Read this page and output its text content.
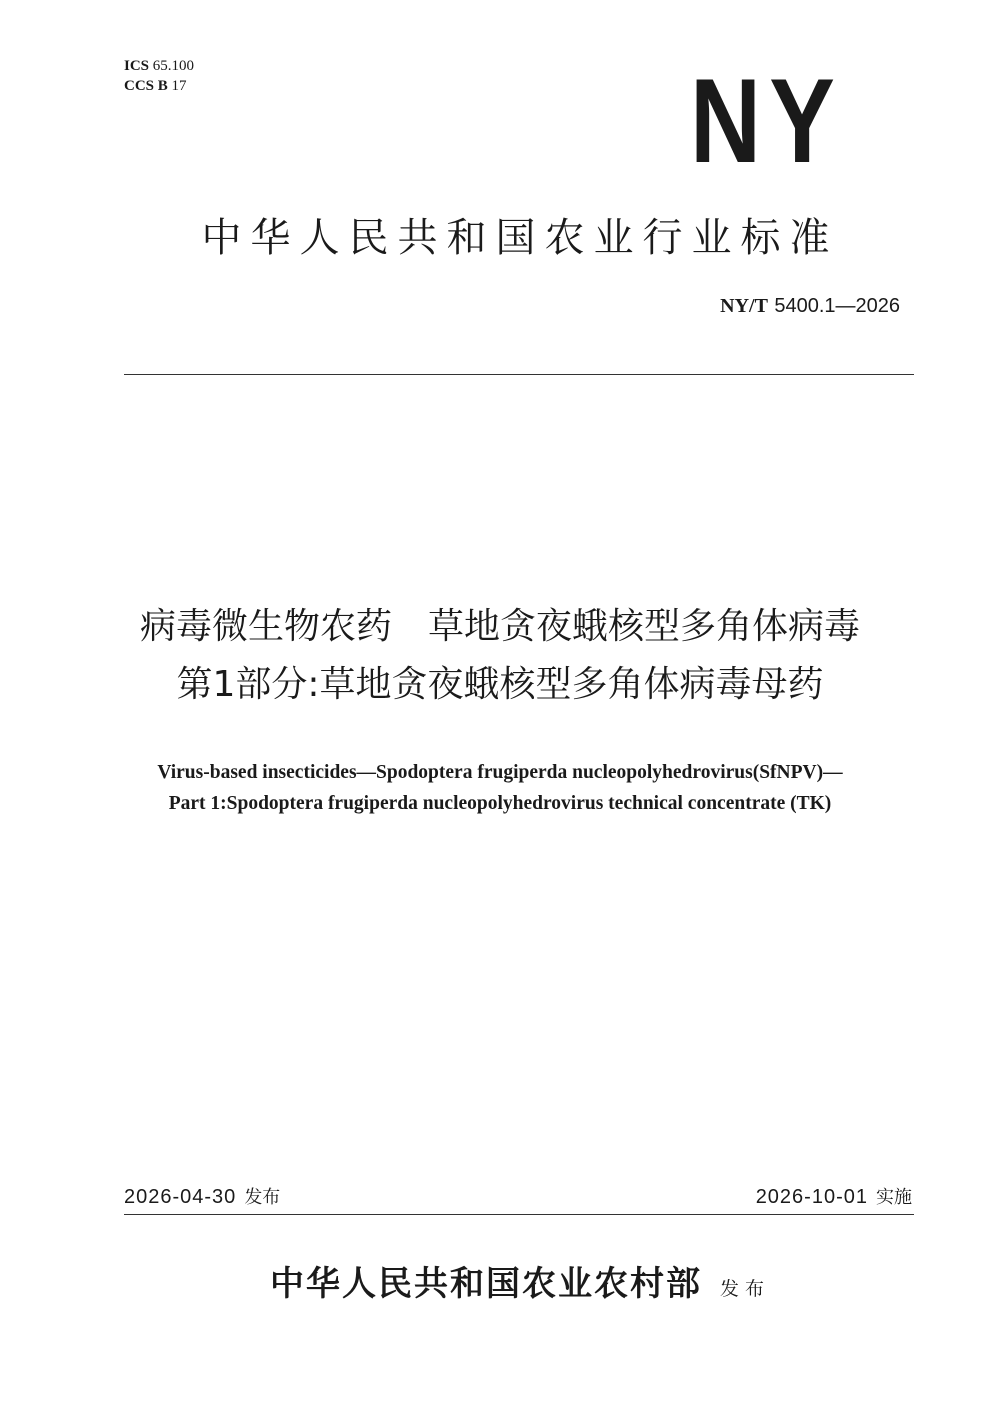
ICS 65.100
CCS B 17	NY
中华人民共和国农业行业标准
NY/T 5400.1—2026
病毒微生物农药　草地贪夜蛾核型多角体病毒
第1部分:草地贪夜蛾核型多角体病毒母药
Virus-based insecticides—Spodoptera frugiperda nucleopolyhedrovirus(SfNPV)—
Part 1:Spodoptera frugiperda nucleopolyhedrovirus technical concentrate (TK)
2026-04-30 发布	2026-10-01 实施
中华人民共和国农业农村部 发布
